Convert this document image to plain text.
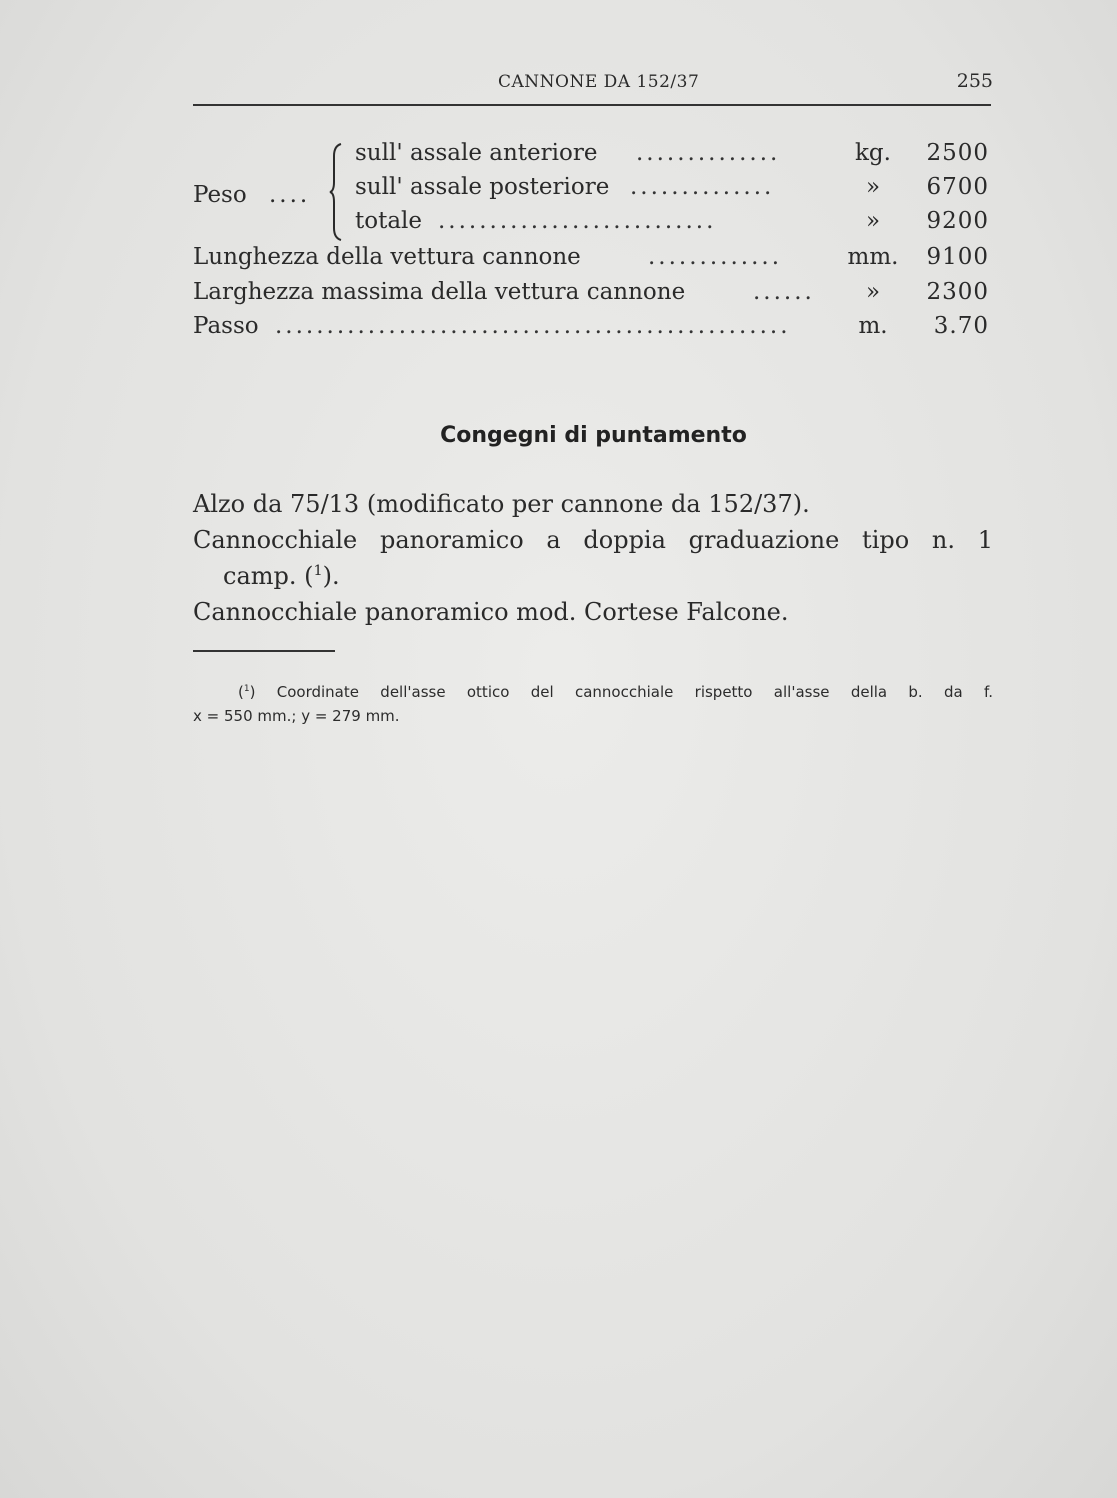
CANNONE DA 152/37	255
Peso ....
sull' assale anteriore ..............	kg.	2500
sull' assale posteriore ..............	»	6700
totale ...........................	»	9200
Lunghezza della vettura cannone	.............	mm. 9100
Larghezza massima della vettura cannone	......	»	2300
Passo ..................................................	m.	3.70
Congegni di puntamento

Alzo da 75/13 (modificato per cannone da 152/37).

Cannocchiale panoramico a doppia graduazione tipo n. 1

camp. ($^1$).

Cannocchiale panoramico mod. Cortese Falcone.

($^1$) Coordinate dell'asse ottico del cannocchiale rispetto all'asse della b. da f.
x = 550 mm.; y = 279 mm.
